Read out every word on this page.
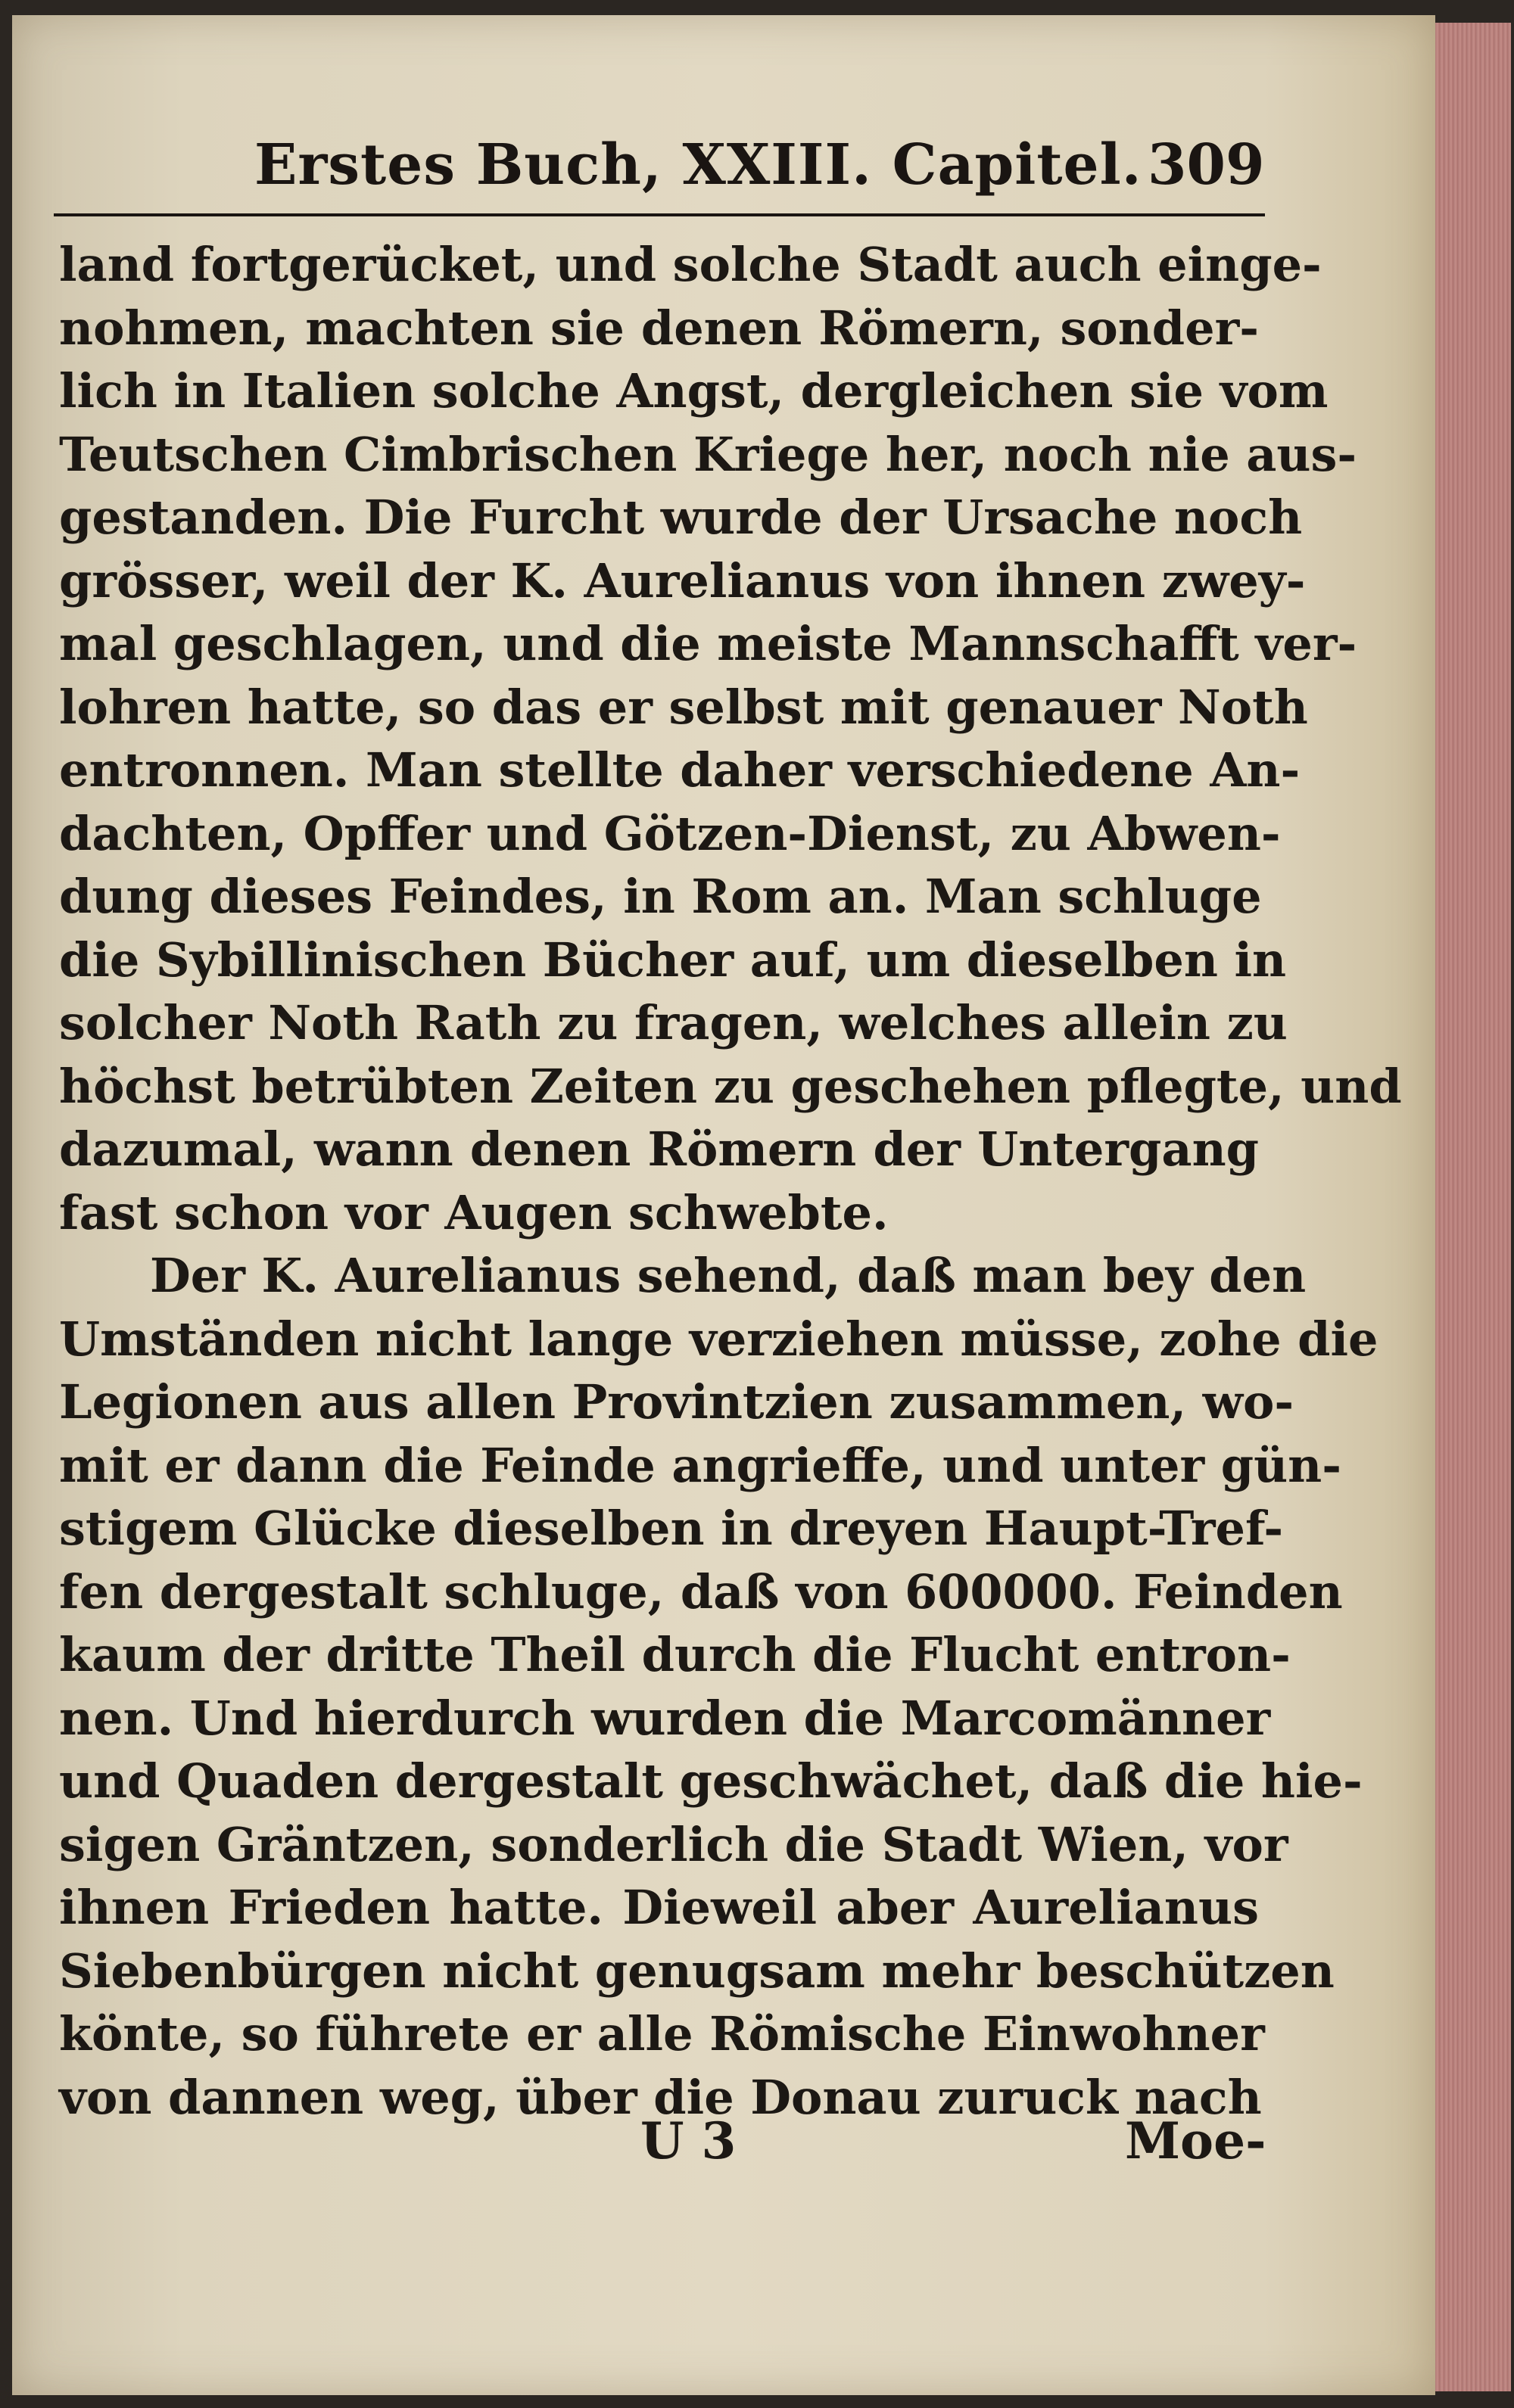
Erstes Buch, XXIII. Capitel. 309
land fortgerücket, und solche Stadt auch einge-
nohmen, machten sie denen Römern, sonder-
lich in Italien solche Angst, dergleichen sie vom
Teutschen Cimbrischen Kriege her, noch nie aus-
gestanden. Die Furcht wurde der Ursache noch
grösser, weil der K. Aurelianus von ihnen zwey-
mal geschlagen, und die meiste Mannschafft ver-
lohren hatte, so das er selbst mit genauer Noth
entronnen. Man stellte daher verschiedene An-
dachten, Opffer und Götzen-Dienst, zu Abwen-
dung dieses Feindes, in Rom an. Man schluge
die Sybillinischen Bücher auf, um dieselben in
solcher Noth Rath zu fragen, welches allein zu
höchst betrübten Zeiten zu geschehen pflegte, und
dazumal, wann denen Römern der Untergang
fast schon vor Augen schwebte.
Der K. Aurelianus sehend, daß man bey den
Umständen nicht lange verziehen müsse, zohe die
Legionen aus allen Provintzien zusammen, wo-
mit er dann die Feinde angrieffe, und unter gün-
stigem Glücke dieselben in dreyen Haupt-Tref-
fen dergestalt schluge, daß von 600000. Feinden
kaum der dritte Theil durch die Flucht entron-
nen. Und hierdurch wurden die Marcomänner
und Quaden dergestalt geschwächet, daß die hie-
sigen Gräntzen, sonderlich die Stadt Wien, vor
ihnen Frieden hatte. Dieweil aber Aurelianus
Siebenbürgen nicht genugsam mehr beschützen
könte, so führete er alle Römische Einwohner
von dannen weg, über die Donau zuruck nach
U 3	Moe-
